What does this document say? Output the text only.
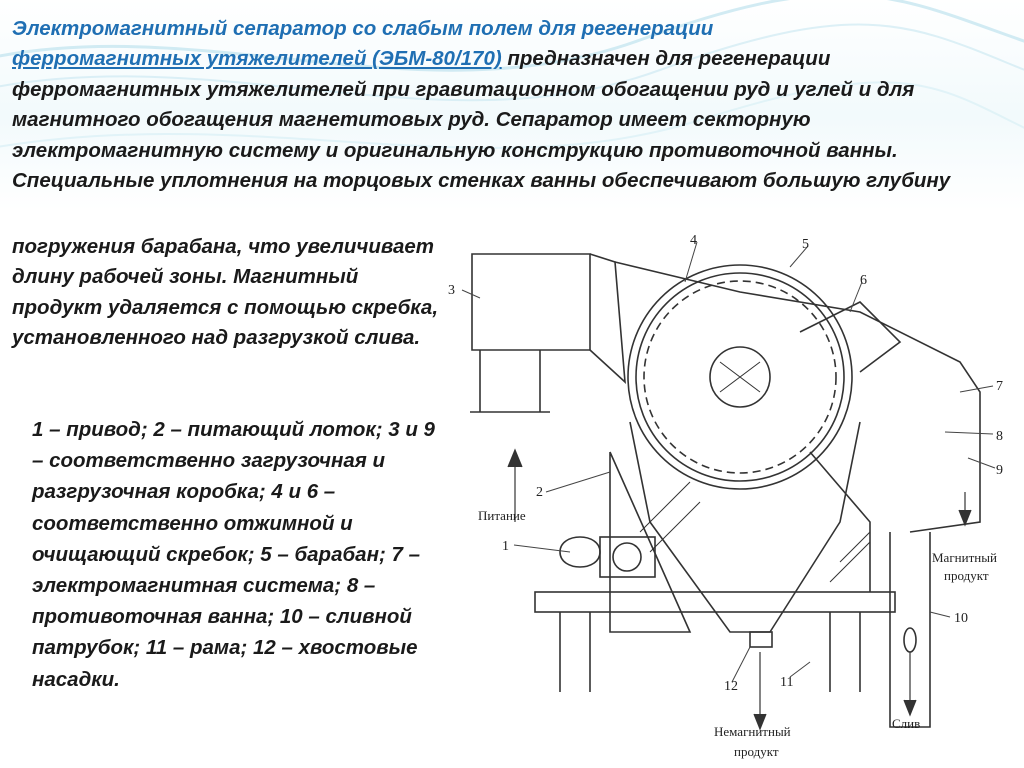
Электромагнитный сепаратор со слабым полем для регенерации
ферромагнитных утяжелителей (ЭБМ-80/170) предназначен для регенерации ферромагнитных утяжелителей при гравитационном обогащении руд и углей и для магнитного обогащения магнетитовых руд. Сепаратор имеет секторную электромагнитную систему и оригинальную конструкцию противоточной ванны. Специальные уплотнения на торцовых стенках ванны обеспечивают большую глубину
погружения барабана, что увеличивает длину рабочей зоны. Магнитный продукт удаляется с помощью скребка, установленного над разгрузкой слива.
1 – привод; 2 – питающий лоток; 3 и 9 – соответственно загрузочная и разгрузочная коробка; 4 и 6 – соответственно отжимной и очищающий скребок; 5 – барабан; 7 – электромагнитная система; 8 – противоточная ванна; 10 – сливной патрубок; 11 – рама; 12 – хвостовые насадки.
3
4	5
6
7
8
9
2
1
10
11
12
Питание
Магнитный
продукт
Немагнитный
продукт
Слив
